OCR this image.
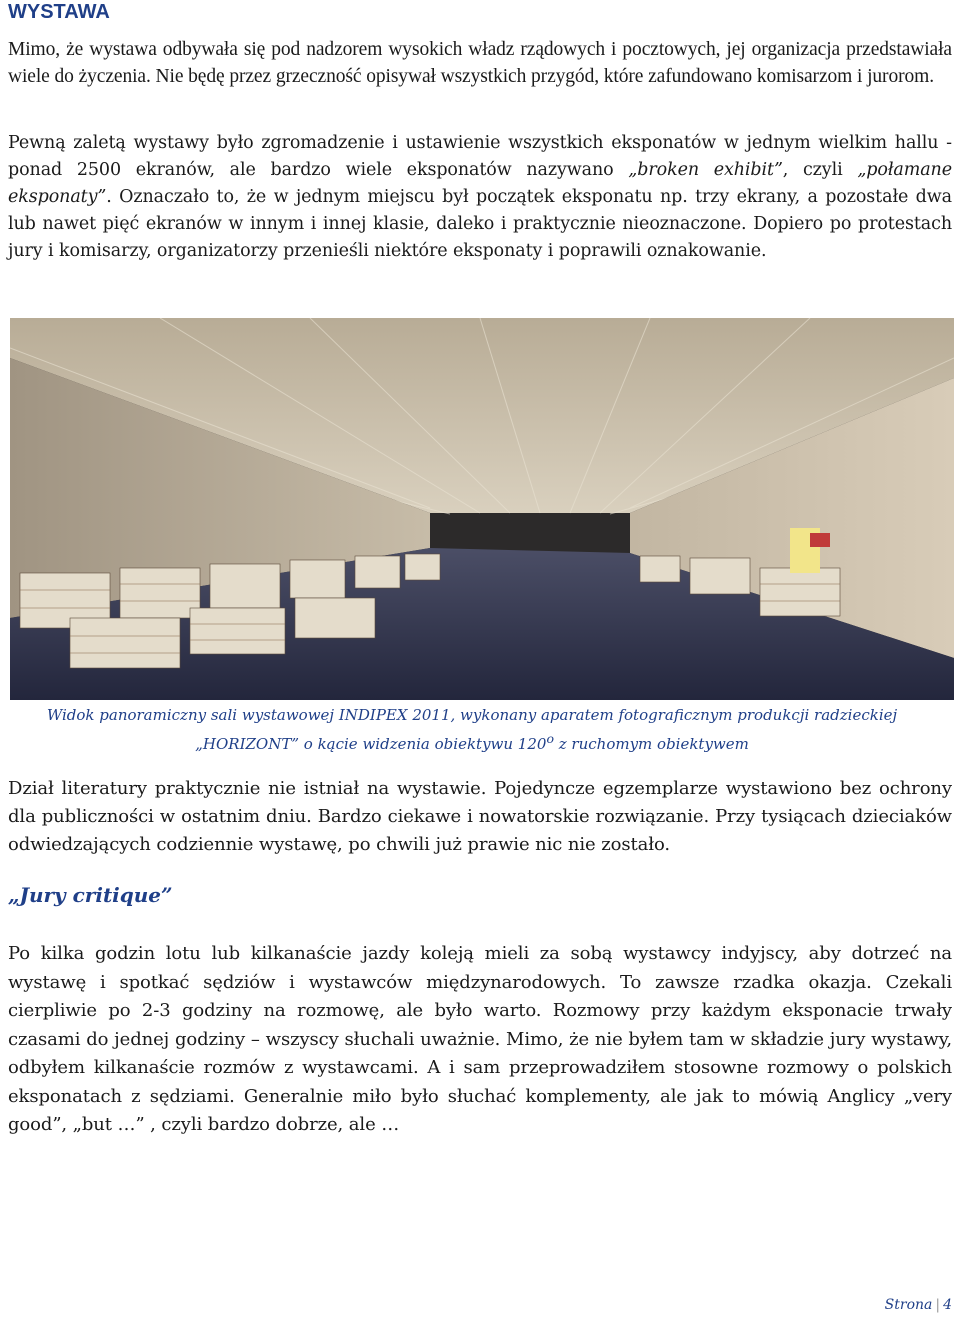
WYSTAWA

Mimo, że wystawa odbywała się pod nadzorem wysokich władz rządowych i pocztowych, jej organizacja przedstawiała wiele do życzenia. Nie będę przez grzeczność opisywał wszystkich przygód, które zafundowano komisarzom i jurorom.

Pewną zaletą wystawy było zgromadzenie i ustawienie wszystkich eksponatów w jednym wielkim hallu - ponad 2500 ekranów, ale bardzo wiele eksponatów nazywano „broken exhibit”, czyli „połamane eksponaty”. Oznaczało to, że w jednym miejscu był początek eksponatu np. trzy ekrany, a pozostałe dwa lub nawet pięć ekranów w innym i innej klasie, daleko i praktycznie nieoznaczone. Dopiero po protestach jury i komisarzy, organizatorzy przenieśli niektóre eksponaty i poprawili oznakowanie.

Widok panoramiczny sali wystawowej INDIPEX 2011, wykonany aparatem fotograficznym produkcji radzieckiej
„HORIZONT” o kącie widzenia obiektywu 120$^o$ z ruchomym obiektywem

Dział literatury praktycznie nie istniał na wystawie. Pojedyncze egzemplarze wystawiono bez ochrony dla publiczności w ostatnim dniu. Bardzo ciekawe i nowatorskie rozwiązanie. Przy tysiącach dzieciaków odwiedzających codziennie wystawę, po chwili już prawie nic nie zostało.

„Jury critique”

Po kilka godzin lotu lub kilkanaście jazdy koleją mieli za sobą wystawcy indyjscy, aby dotrzeć na wystawę i spotkać sędziów i wystawców międzynarodowych. To zawsze rzadka okazja. Czekali cierpliwie po 2-3 godziny na rozmowę, ale było warto. Rozmowy przy każdym eksponacie trwały czasami do jednej godziny – wszyscy słuchali uważnie. Mimo, że nie byłem tam w składzie jury wystawy, odbyłem kilkanaście rozmów z wystawcami. A i sam przeprowadziłem stosowne rozmowy o polskich eksponatach z sędziami. Generalnie miło było słuchać komplementy, ale jak to mówią Anglicy „very good”, „but …” , czyli bardzo dobrze, ale …

Strona | 4
